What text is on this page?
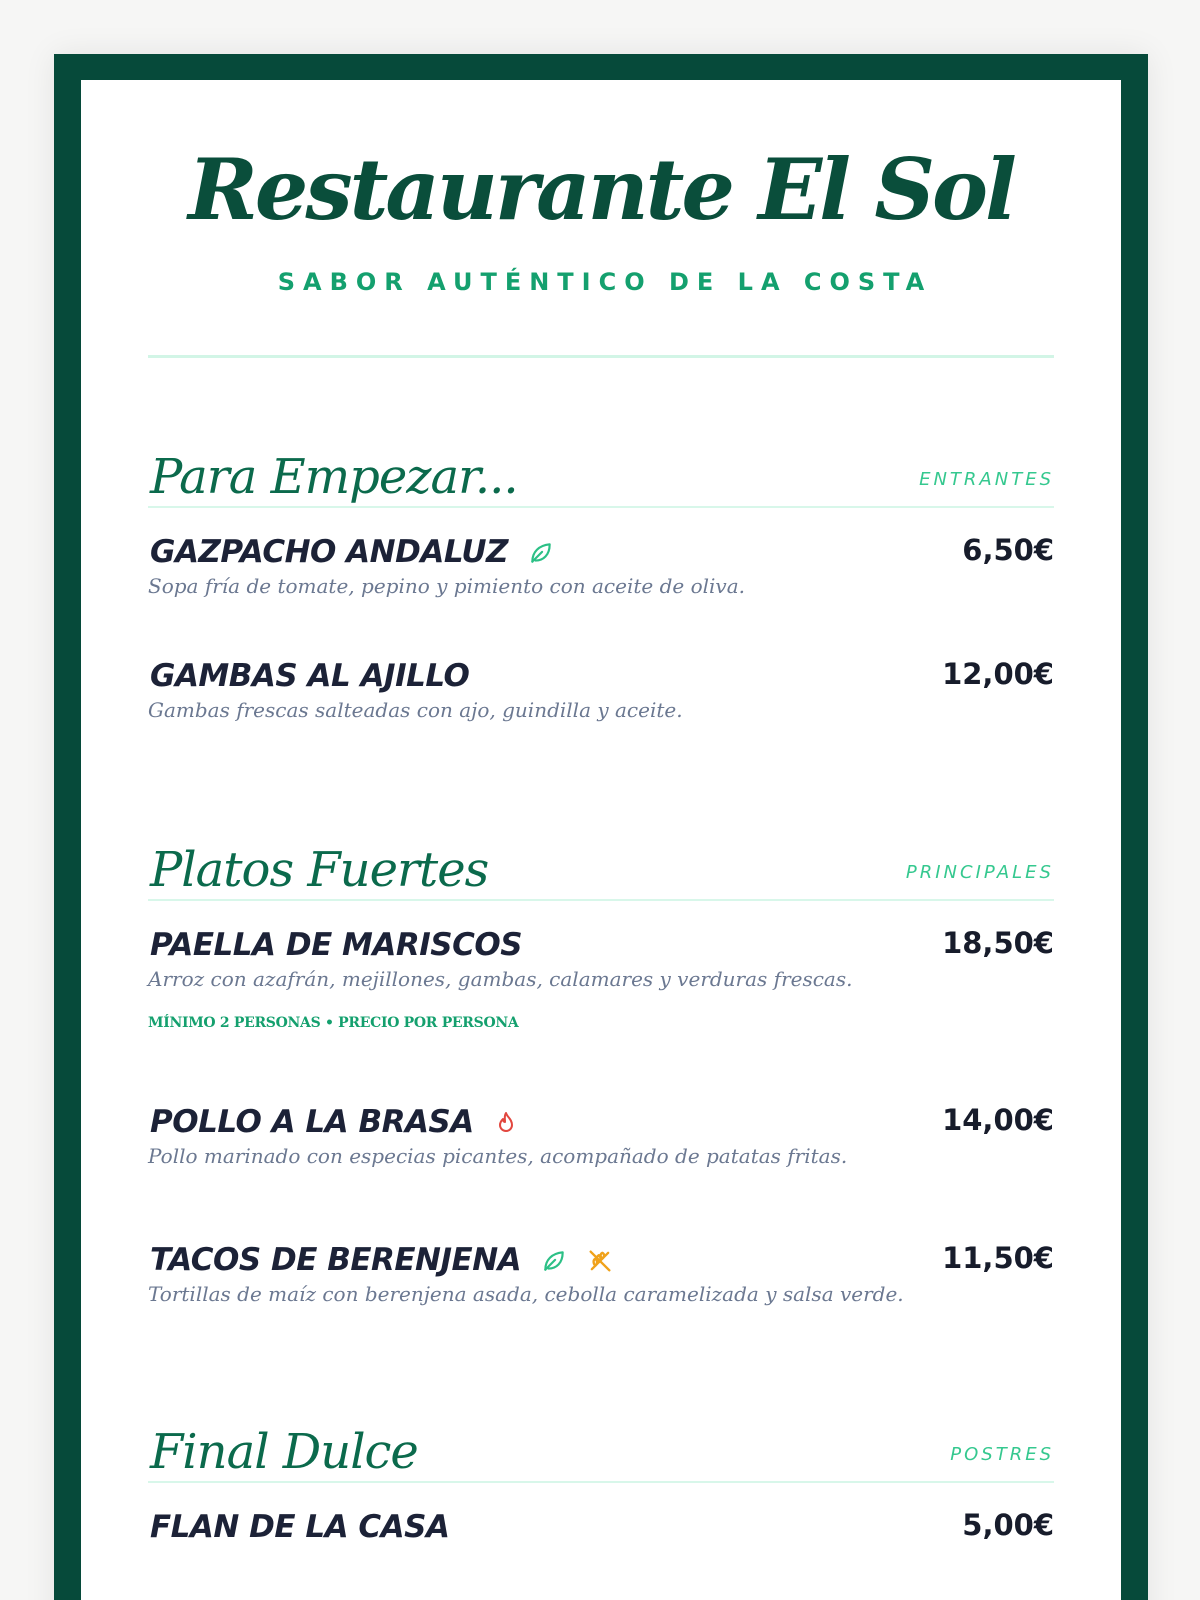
Restaurante El Sol
SABOR AUTÉNTICO DE LA COSTA
Para Empezar...	ENTRANTES
GAZPACHO ANDALUZ	6,50€
Sopa fría de tomate, pepino y pimiento con aceite de oliva.
GAMBAS AL AJILLO	12,00€
Gambas frescas salteadas con ajo, guindilla y aceite.
Platos Fuertes	PRINCIPALES
PAELLA DE MARISCOS	18,50€
Arroz con azafrán, mejillones, gambas, calamares y verduras frescas.
MÍNIMO 2 PERSONAS • PRECIO POR PERSONA
POLLO A LA BRASA	14,00€
Pollo marinado con especias picantes, acompañado de patatas fritas.
TACOS DE BERENJENA	11,50€
Tortillas de maíz con berenjena asada, cebolla caramelizada y salsa verde.
Final Dulce	POSTRES
FLAN DE LA CASA	5,00€
